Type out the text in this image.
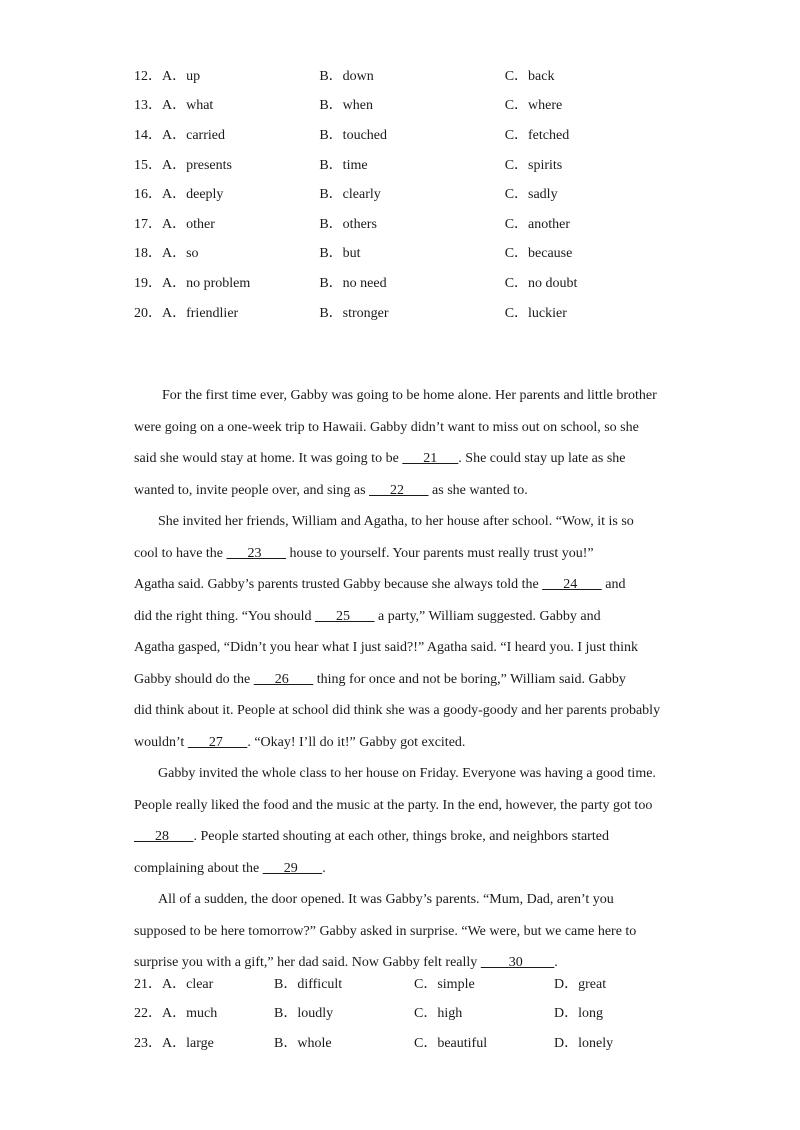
12．A．up	B．down	C．back
13．A．what	B．when	C．where
14．A．carried	B．touched	C．fetched
15．A．presents	B．time	C．spirits
16．A．deeply	B．clearly	C．sadly
17．A．other	B．others	C．another
18．A．so	B．but	C．because
19．A．no problem	B．no need	C．no doubt
20．A．friendlier	B．stronger	C．luckier
For the first time ever, Gabby was going to be home alone. Her parents and little brother
were going on a one-week trip to Hawaii. Gabby didn’t want to miss out on school, so she
said she would stay at home. It was going to be       21      . She could stay up late as she
wanted to, invite people over, and sing as       22        as she wanted to.
She invited her friends, William and Agatha, to her house after school. “Wow, it is so
cool to have the       23        house to yourself. Your parents must really trust you!”
Agatha said. Gabby’s parents trusted Gabby because she always told the       24        and
did the right thing. “You should       25        a party,” William suggested. Gabby and
Agatha gasped, “Didn’t you hear what I just said?!” Agatha said. “I heard you. I just think
Gabby should do the       26        thing for once and not be boring,” William said. Gabby
did think about it. People at school did think she was a goody-goody and her parents probably
wouldn’t       27       . “Okay! I’ll do it!” Gabby got excited.
Gabby invited the whole class to her house on Friday. Everyone was having a good time.
People really liked the food and the music at the party. In the end, however, the party got too
28       . People started shouting at each other, things broke, and neighbors started
complaining about the       29       .
All of a sudden, the door opened. It was Gabby’s parents. “Mum, Dad, aren’t you
supposed to be here tomorrow?” Gabby asked in surprise. “We were, but we came here to
surprise you with a gift,” her dad said. Now Gabby felt really         30         .
21．A．clear	B．difficult	C．simple	D．great
22．A．much	B．loudly	C．high	D．long
23．A．large	B．whole	C．beautiful	D．lonely
